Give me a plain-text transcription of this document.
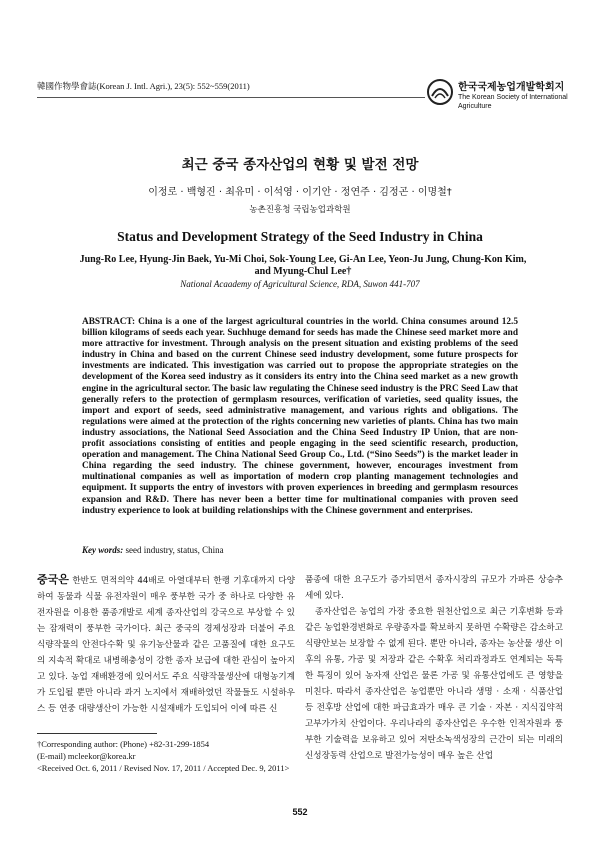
韓國作物學會誌(Korean J. Intl. Agri.), 23(5): 552~559(2011)	한국국제농업개발학회지
The Korean Society of International Agriculture
최근 중국 종자산업의 현황 및 발전 전망
이정로 · 백형진 · 최유미 · 이석영 · 이기안 · 정연주 · 김정곤 · 이명철†
농촌진흥청 국립농업과학원
Status and Development Strategy of the Seed Industry in China
Jung-Ro Lee, Hyung-Jin Baek, Yu-Mi Choi, Sok-Young Lee, Gi-An Lee, Yeon-Ju Jung, Chung-Kon Kim, and Myung-Chul Lee†
National Acaademy of Agricultural Science, RDA, Suwon 441-707
ABSTRACT: China is a one of the largest agricultural countries in the world. China consumes around 12.5 billion kilograms of seeds each year. Suchhuge demand for seeds has made the Chinese seed market more and more attractive for investment. Through analysis on the present situation and existing problems of the seed industry in China and based on the current Chinese seed industry development, some future prospects for investments are indicated. This investigation was carried out to propose the appropriate strategies on the development of the Korea seed industry as it considers its entry into the China seed market as a new growth engine in the agricultural sector. The basic law regulating the Chinese seed industry is the PRC Seed Law that generally refers to the protection of germplasm resources, verification of varieties, seed quality issues, the import and export of seeds, seed administrative management, and various rights and obligations. The regulations were aimed at the protection of the rights concerning new varieties of plants. China has two main industry associations, the National Seed Association and the China Seed Industry IP Union, that are non-profit associations consisting of entities and people engaging in the seed scientific research, production, operation and management. The China National Seed Group Co., Ltd. (“Sino Seeds”) is the market leader in China regarding the seed industry. The chinese government, however, encourages investment from multinational companies as well as importation of modern crop planting management technologies and equipment. It supports the entry of investors with proven experiences in breeding and germplasm resources expansion and R&D. There has never been a better time for multinational companies with proven seed industry experience to look at building relationships with the Chinese government and enterprises.
Key words: seed industry, status, China

중국은 한반도 면적의약 44배로 아열대부터 한랭 기후대까지 다양하여 동물과 식물 유전자원이 매우 풍부한 국가 중 하나로 다양한 유전자원을 이용한 품종개발로 세계 종자산업의 강국으로 부상할 수 있는 잠재력이 풍부한 국가이다. 최근 중국의 경제성장과 더불어 주요 식량작물의 안전다수확 및 유기농산물과 같은 고품질에 대한 요구도의 지속적 확대로 내병해충성이 강한 종자 보급에 대한 관심이 높아지고 있다. 농업 재배환경에 있어서도 주요 식량작물생산에 대형농기계가 도입될 뿐만 아니라 과거 노지에서 재배하였던 작물들도 시설하우스 등 연중 대량생산이 가능한 시설재배가 도입되어 이에 따른 신

품종에 대한 요구도가 증가되면서 종자시장의 규모가 가파른 상승추세에 있다.

종자산업은 농업의 가장 중요한 원천산업으로 최근 기후변화 등과 같은 농업환경변화로 우량종자를 확보하지 못하면 수확량은 감소하고 식량안보는 보장할 수 없게 된다. 뿐만 아니라, 종자는 농산물 생산 이후의 유통, 가공 및 저장과 같은 수확후 처리과정과도 연계되는 독특한 특징이 있어 농자재 산업은 물론 가공 및 유통산업에도 큰 영향을 미친다. 따라서 종자산업은 농업뿐만 아니라 생명 · 소재 · 식품산업 등 전후방 산업에 대한 파급효과가 매우 큰 기술 · 자본 · 지식집약적 고부가가치 산업이다. 우리나라의 종자산업은 우수한 인적자원과 풍부한 기술력을 보유하고 있어 저탄소녹색성장의 근간이 되는 미래의 신성장동력 산업으로 발전가능성이 매우 높은 산업

†Corresponding author: (Phone) +82-31-299-1854
(E-mail) mcleekor@korea.kr
<Received Oct. 6, 2011 / Revised Nov. 17, 2011 / Accepted Dec. 9, 2011>
552
